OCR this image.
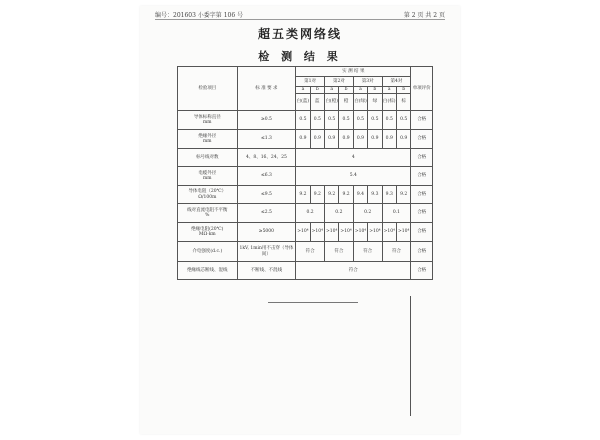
编号：201603 小委字第 106 号	第 2 页 共 2 页
超五类网络线
检 测 结 果
检验项目	标 准 要 求	实 测 结 果								单项评价
		第1对		第2对		第3对		第4对		
		a	b	a	b	a	b	a	b	
		白(蓝)	蓝	白(橙)	橙	白(绿)	绿	白(棕)	棕	
导体标称直径
mm	≥0.5	0.5	0.5	0.5	0.5	0.5	0.5	0.5	0.5	合格
绝缘外径
mm	≤1.3	0.9	0.9	0.9	0.9	0.9	0.9	0.9	0.9	合格
标号线对数	4、8、16、24、25	4								合格
电缆外径
mm	≤6.3	5.4								合格
导体电阻（20℃）
Ω/100m	≤9.5	9.2	9.2	9.2	9.2	9.4	9.3	9.3	9.2	合格
线对直流电阻不平衡
%	≤2.5	0.2		0.2		0.2		0.1		合格
绝缘电阻(20℃)
MΩ·km	≥5000	>10⁴	>10⁴	>10⁴	>10⁴	>10⁴	>10⁴	>10⁴	>10⁴	合格
介电强度(d.c.)	1kV, 1min用不击穿（导体间）	符合		符合		符合		符合		合格
绝缘线芯断线、混线	不断线、不混线	符合								合格
